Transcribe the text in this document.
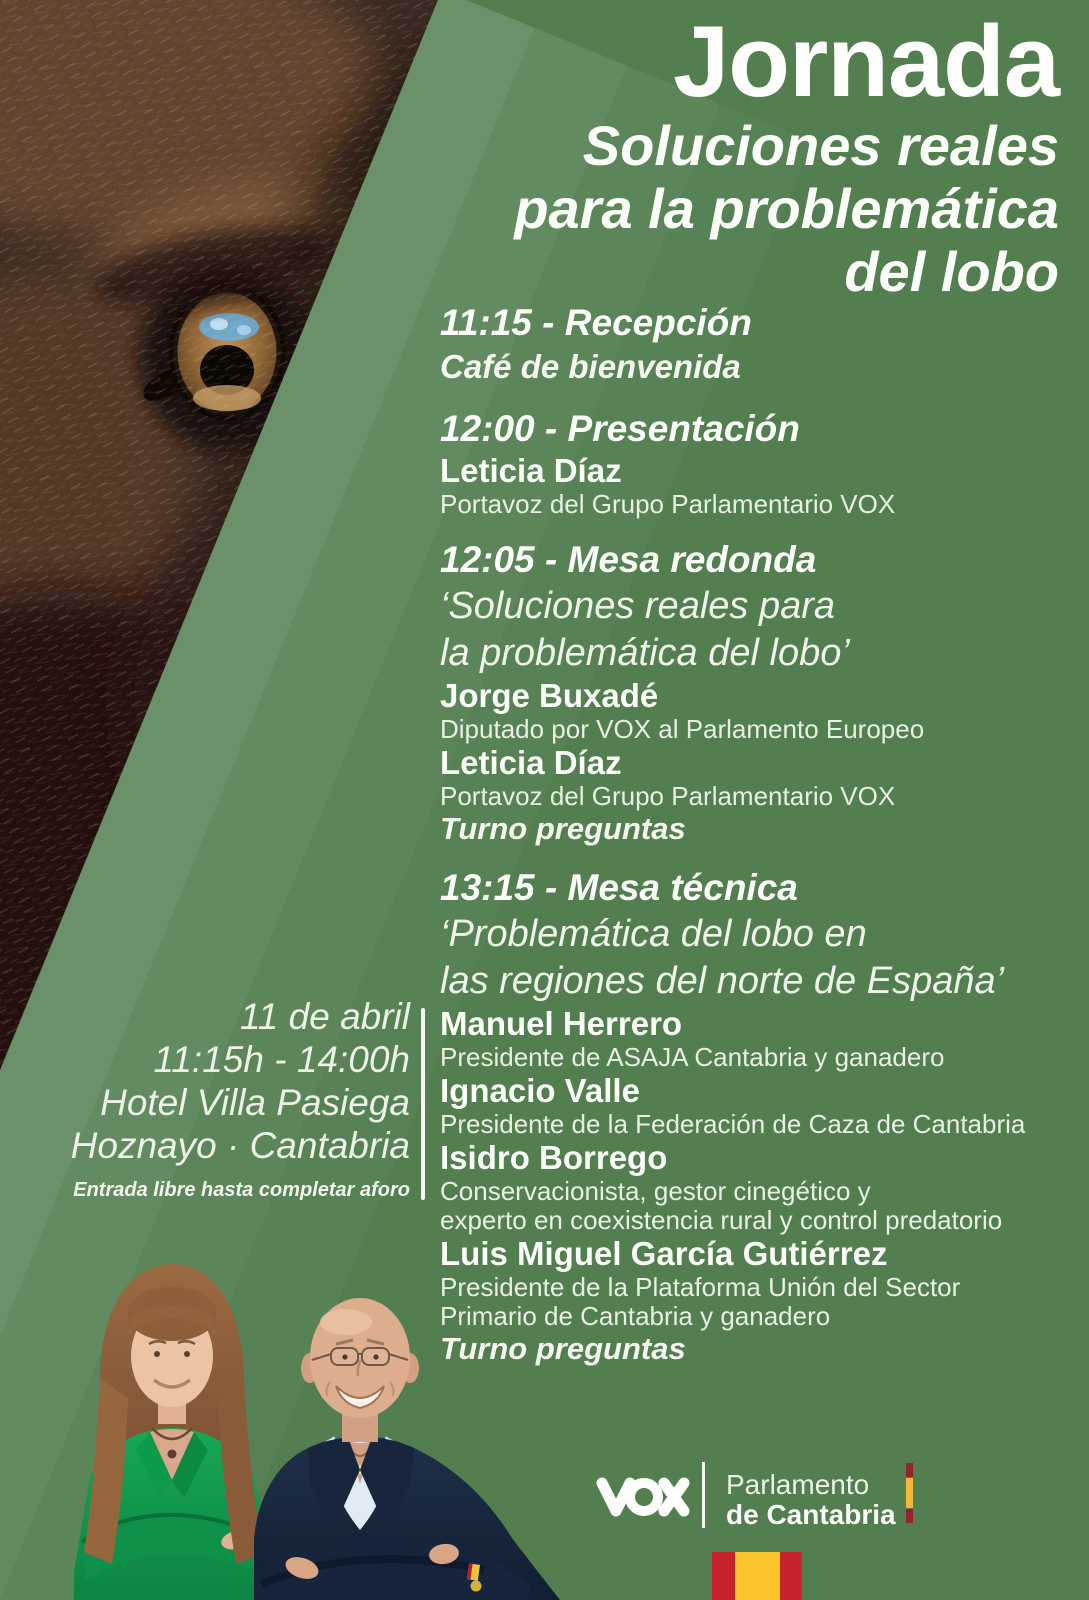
Jornada
Soluciones reales
para la problemática
del lobo
11:15 - Recepción
Café de bienvenida
12:00 - Presentación
Leticia Díaz
Portavoz del Grupo Parlamentario VOX
12:05 - Mesa redonda
‘Soluciones reales para
la problemática del lobo’
Jorge Buxadé
Diputado por VOX al Parlamento Europeo
Leticia Díaz
Portavoz del Grupo Parlamentario VOX
Turno preguntas
13:15 - Mesa técnica
‘Problemática del lobo en
las regiones del norte de España’
Manuel Herrero
Presidente de ASAJA Cantabria y ganadero
Ignacio Valle
Presidente de la Federación de Caza de Cantabria
Isidro Borrego
Conservacionista, gestor cinegético y
experto en coexistencia rural y control predatorio
Luis Miguel García Gutiérrez
Presidente de la Plataforma Unión del Sector
Primario de Cantabria y ganadero
Turno preguntas
11 de abril
11:15h - 14:00h
Hotel Villa Pasiega
Hoznayo · Cantabria
Entrada libre hasta completar aforo
Parlamento
de Cantabria
